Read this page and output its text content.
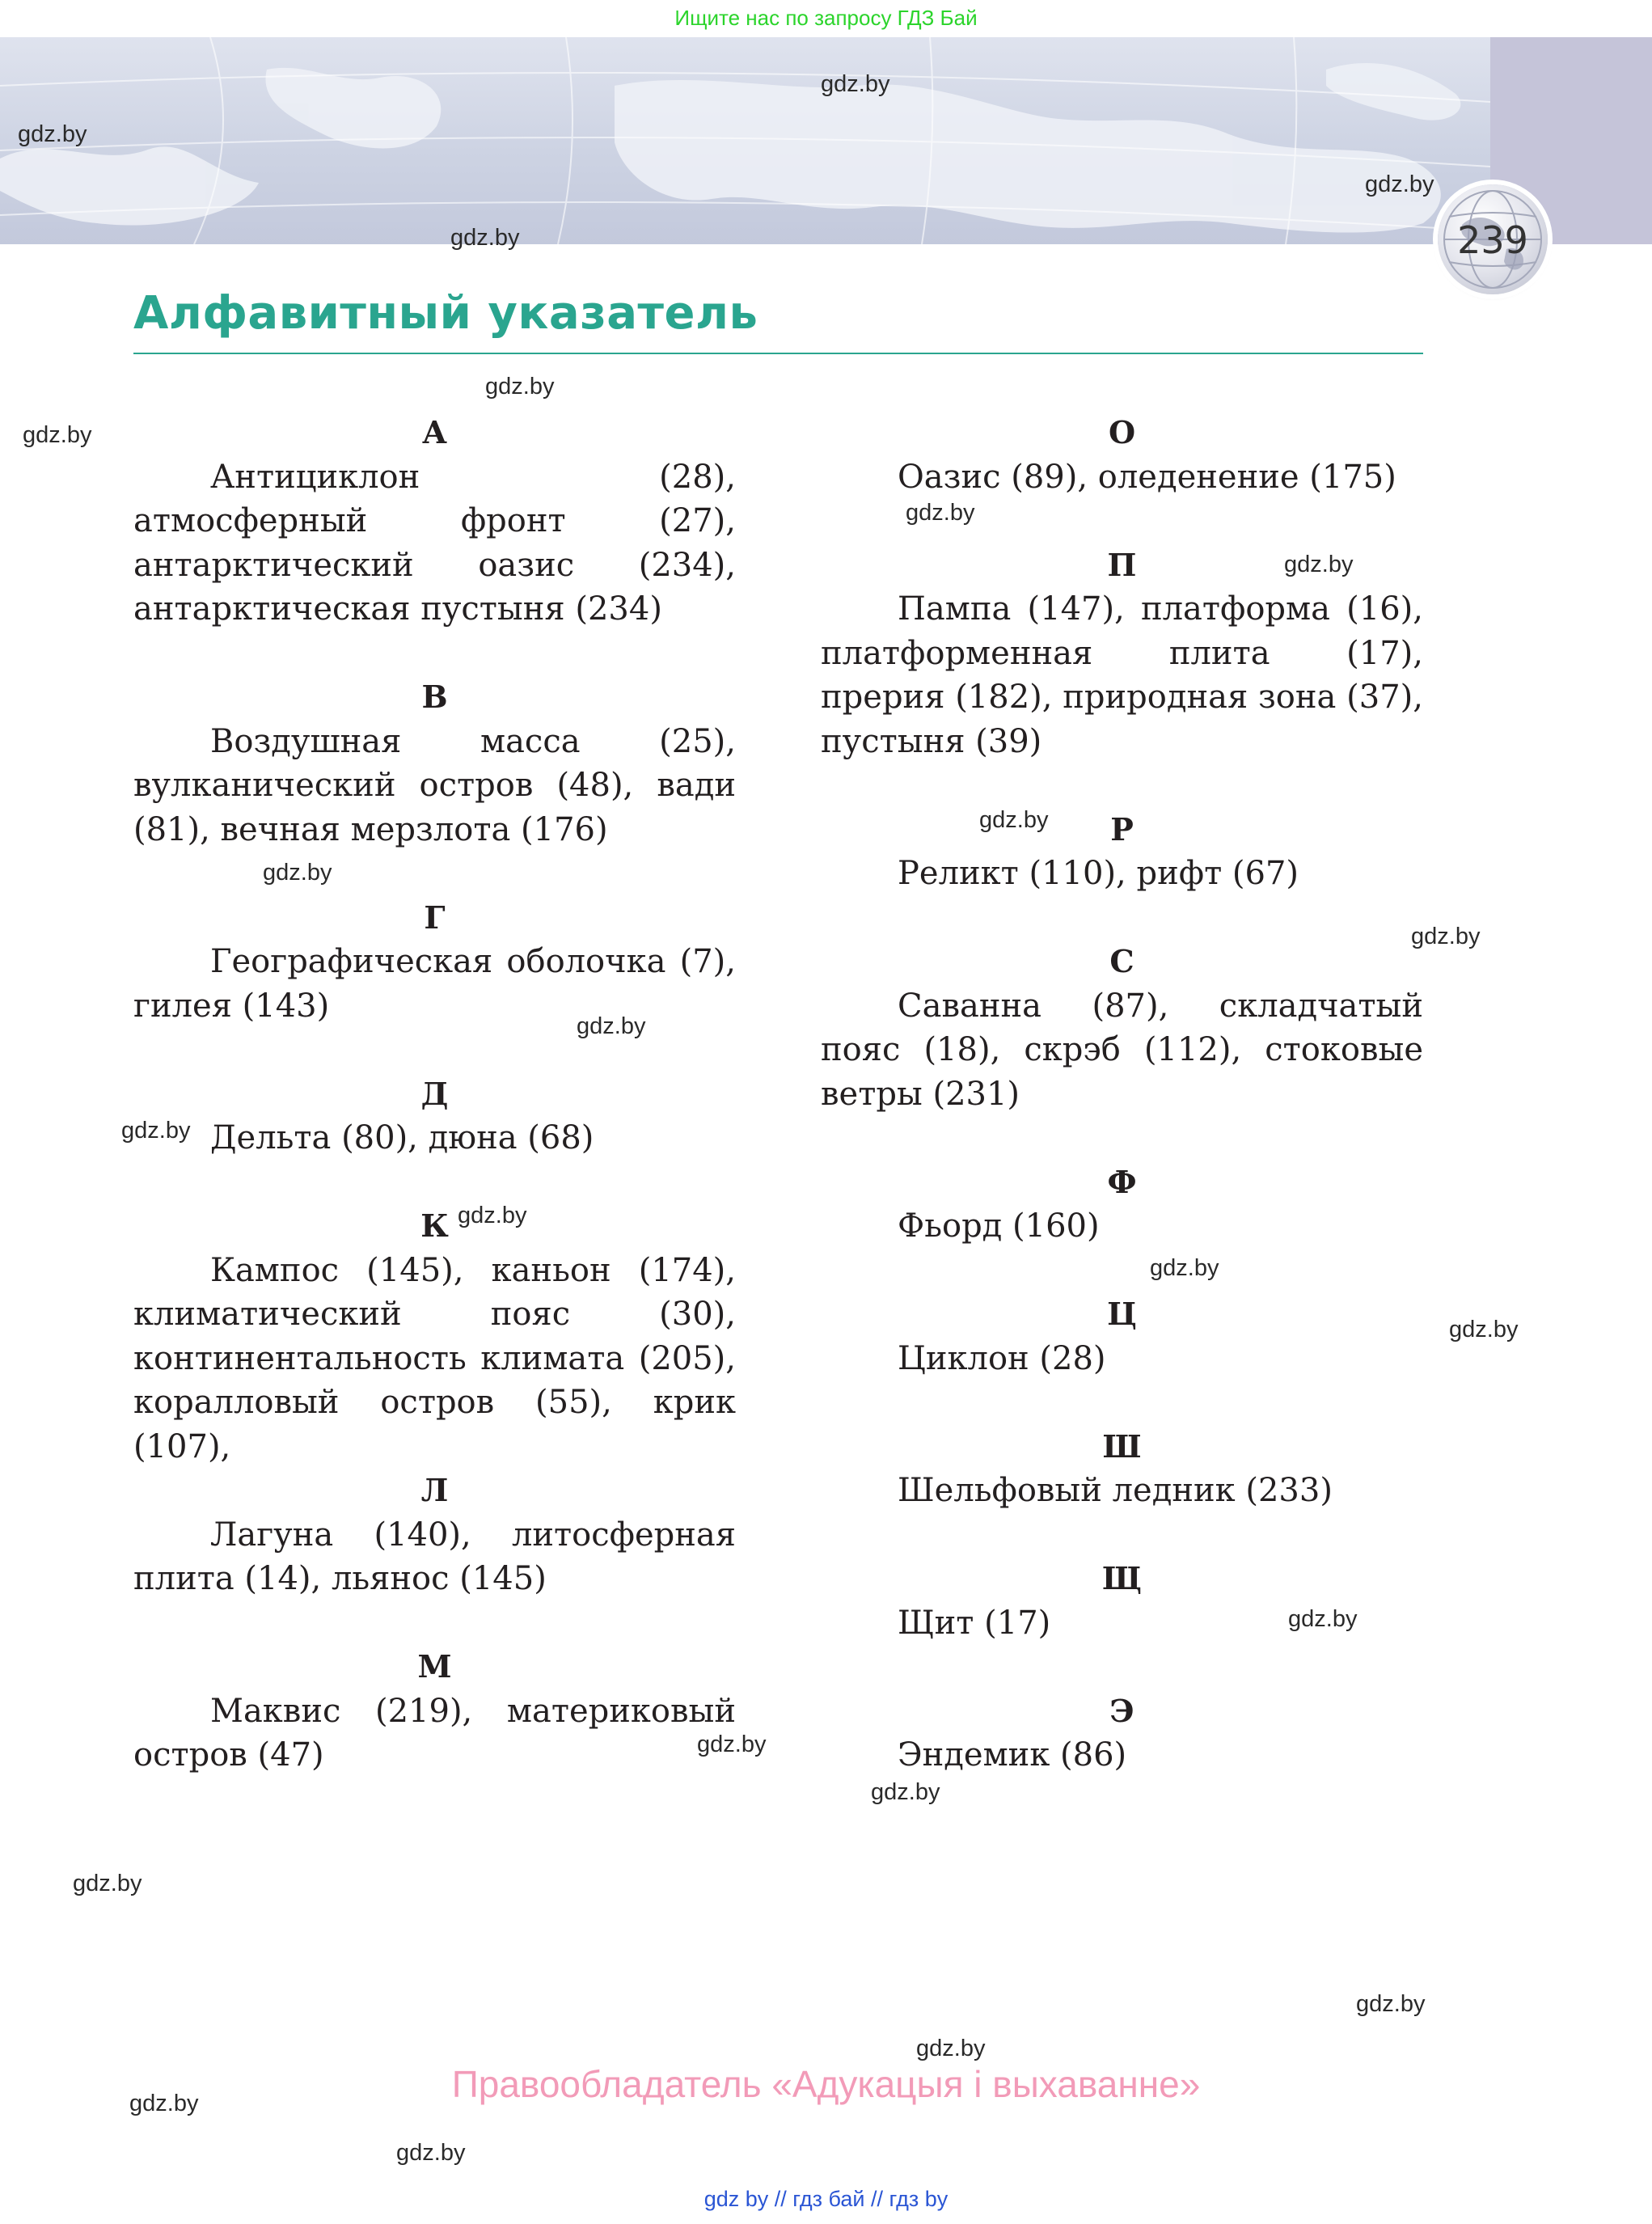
Ищите нас по запросу ГДЗ Бай
239
Алфавитный указатель
А
Антициклон (28), атмосферный фронт (27), антарктический оазис (234), антарктическая пустыня (234)
В
Воздушная масса (25), вулканический остров (48), вади (81), вечная мерзлота (176)
Г
Географическая оболочка (7), гилея (143)
Д
Дельта (80), дюна (68)
К
Кампос (145), каньон (174), климатический пояс (30), континентальность климата (205), коралловый остров (55), крик (107),
Л
Лагуна (140), литосферная плита (14), льянос (145)
М
Маквис (219), материковый остров (47)
О
Оазис (89), оледенение (175)
П
Пампа (147), платформа (16), платформенная плита (17), прерия (182), природная зона (37), пустыня (39)
Р
Реликт (110), рифт (67)
С
Саванна (87), складчатый пояс (18), скрэб (112), стоковые ветры (231)
Ф
Фьорд (160)
Ц
Циклон (28)
Ш
Шельфовый ледник (233)
Щ
Щит (17)
Э
Эндемик (86)
gdz.by
gdz.by
gdz.by
gdz.by
gdz.by
gdz.by
gdz.by
gdz.by
gdz.by
gdz.by
gdz.by
gdz.by
gdz.by
gdz.by
gdz.by
gdz.by
gdz.by
gdz.by
gdz.by
gdz.by
gdz.by
gdz.by
gdz.by
gdz.by
Правообладатель «Адукацыя і выхаванне»
gdz by // гдз бай // гдз by
